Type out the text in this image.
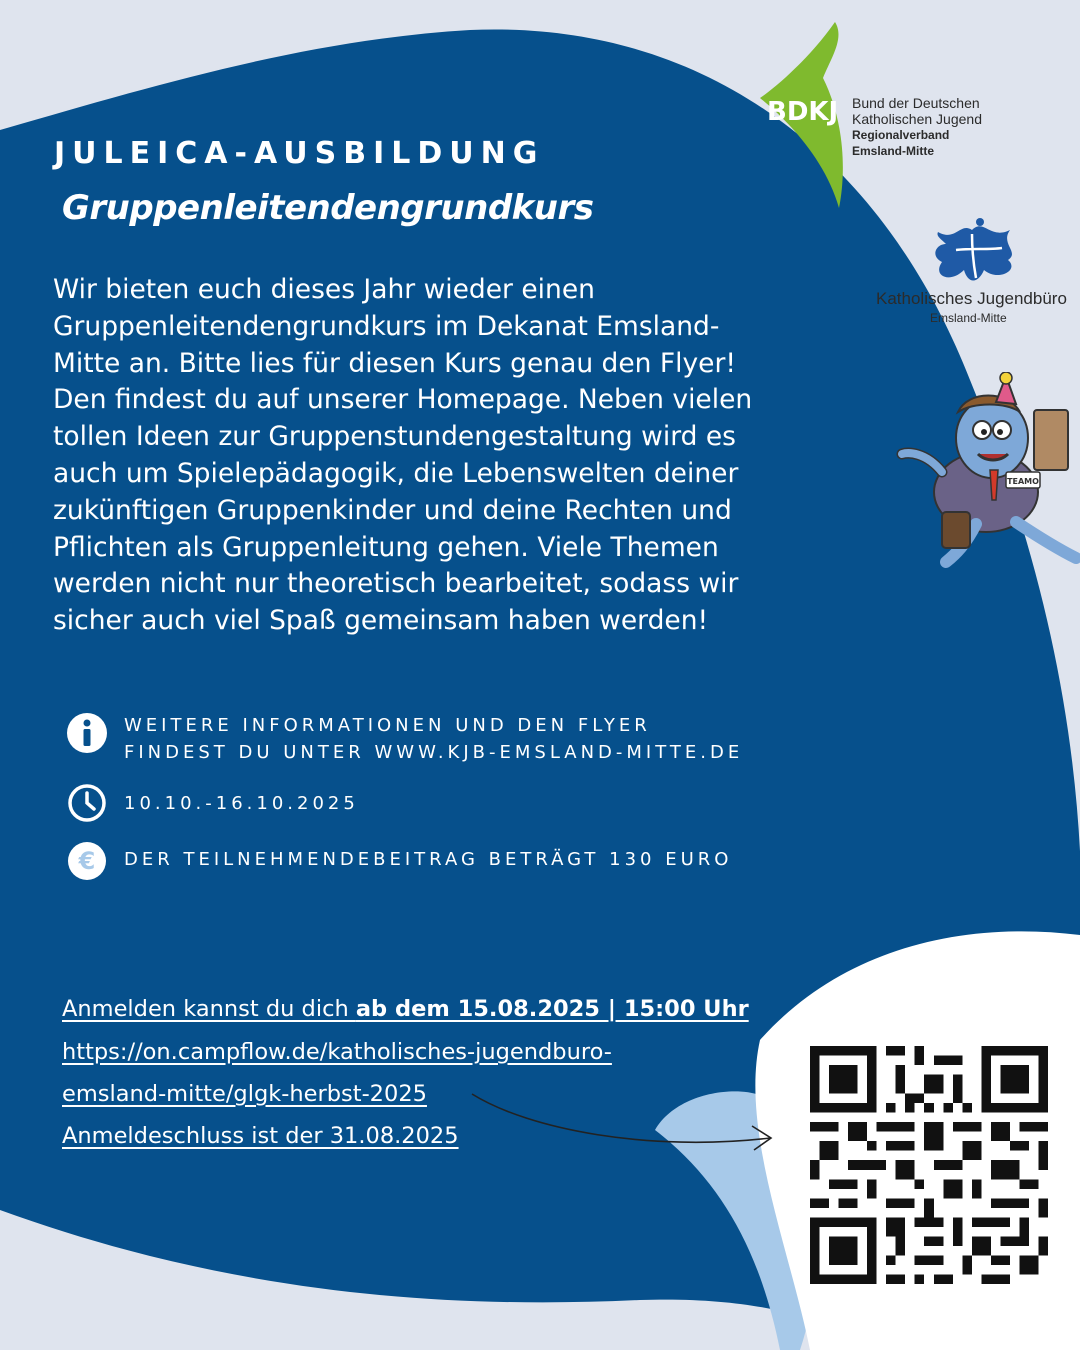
JULEICA-AUSBILDUNG
Gruppenleitendengrundkurs
Wir bieten euch dieses Jahr wieder einen Gruppenleitendengrundkurs im Dekanat Emsland-Mitte an. Bitte lies für diesen Kurs genau den Flyer! Den findest du auf unserer Homepage. Neben vielen tollen Ideen zur Gruppenstundengestaltung wird es auch um Spielepädagogik, die Lebenswelten deiner zukünftigen Gruppenkinder und deine Rechten und Pflichten als Gruppenleitung gehen. Viele Themen werden nicht nur theoretisch bearbeitet, sodass wir sicher auch viel Spaß gemeinsam haben werden!
WEITERE INFORMATIONEN UND DEN FLYER
FINDEST DU UNTER WWW.KJB-EMSLAND-MITTE.DE
10.10.-16.10.2025
€ DER TEILNEHMENDEBEITRAG BETRÄGT 130 EURO
Anmelden kannst du dich ab dem 15.08.2025 | 15:00 Uhr
https://on.campflow.de/katholisches-jugendburo-
emsland-mitte/glgk-herbst-2025
Anmeldeschluss ist der 31.08.2025
BDKJ Bund der Deutschen
Katholischen Jugend
Regionalverband
Emsland-Mitte
Katholisches Jugendbüro
Emsland-Mitte
TEAMO
